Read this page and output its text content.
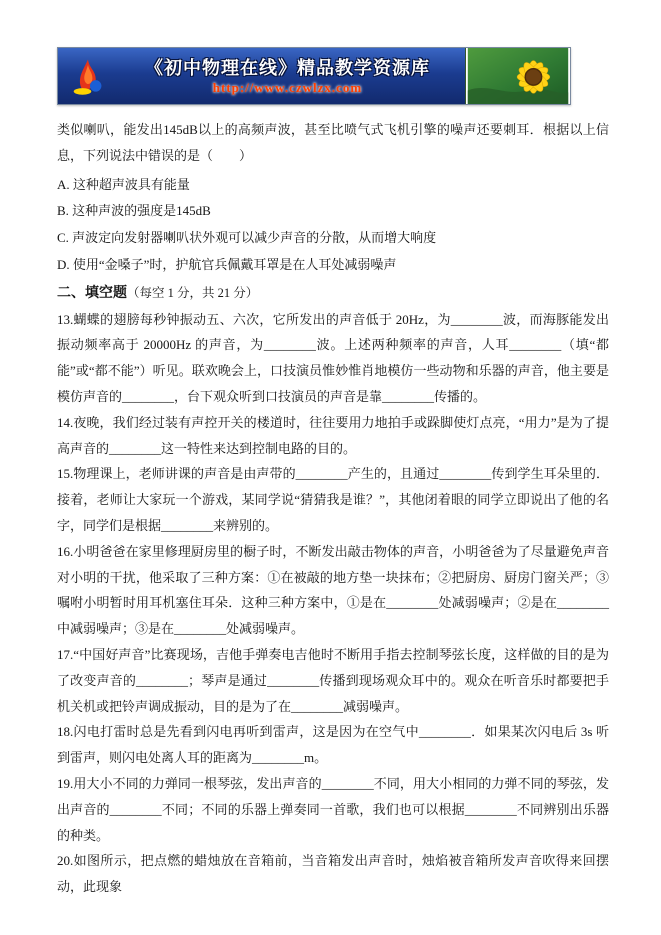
《初中物理在线》精品教学资源库
http://www.czwlzx.com

类似喇叭，能发出145dB以上的高频声波，甚至比喷气式飞机引擎的噪声还要刺耳．根据以上信息，下列说法中错误的是（　　）

A. 这种超声波具有能量

B. 这种声波的强度是145dB

C. 声波定向发射器喇叭状外观可以减少声音的分散，从而增大响度

D. 使用“金嗓子”时，护航官兵佩戴耳罩是在人耳处减弱噪声

二、填空题（每空 1 分，共 21 分）

13.蝴蝶的翅膀每秒钟振动五、六次，它所发出的声音低于 20Hz，为________波，而海豚能发出振动频率高于 20000Hz 的声音，为________波。上述两种频率的声音，人耳________（填“都能”或“都不能”）听见。联欢晚会上，口技演员惟妙惟肖地模仿一些动物和乐器的声音，他主要是模仿声音的________，台下观众听到口技演员的声音是靠________传播的。

14.夜晚，我们经过装有声控开关的楼道时，往往要用力地拍手或跺脚使灯点亮，“用力”是为了提高声音的________这一特性来达到控制电路的目的。

15.物理课上，老师讲课的声音是由声带的________产生的，且通过________传到学生耳朵里的．接着，老师让大家玩一个游戏，某同学说“猜猜我是谁？”，其他闭着眼的同学立即说出了他的名字，同学们是根据________来辨别的。

16.小明爸爸在家里修理厨房里的橱子时，不断发出敲击物体的声音，小明爸爸为了尽量避免声音对小明的干扰，他采取了三种方案：①在被敲的地方垫一块抹布；②把厨房、厨房门窗关严；③嘱咐小明暂时用耳机塞住耳朵．这种三种方案中，①是在________处减弱噪声；②是在________中减弱噪声；③是在________处减弱噪声。

17.“中国好声音”比赛现场，吉他手弹奏电吉他时不断用手指去控制琴弦长度，这样做的目的是为了改变声音的________；琴声是通过________传播到现场观众耳中的。观众在听音乐时都要把手机关机或把铃声调成振动，目的是为了在________减弱噪声。

18.闪电打雷时总是先看到闪电再听到雷声，这是因为在空气中________．如果某次闪电后 3s 听到雷声，则闪电处离人耳的距离为________m。

19.用大小不同的力弹同一根琴弦，发出声音的________不同，用大小相同的力弹不同的琴弦，发出声音的________不同；不同的乐器上弹奏同一首歌，我们也可以根据________不同辨别出乐器的种类。

20.如图所示，把点燃的蜡烛放在音箱前，当音箱发出声音时，烛焰被音箱所发声音吹得来回摆动，此现象
